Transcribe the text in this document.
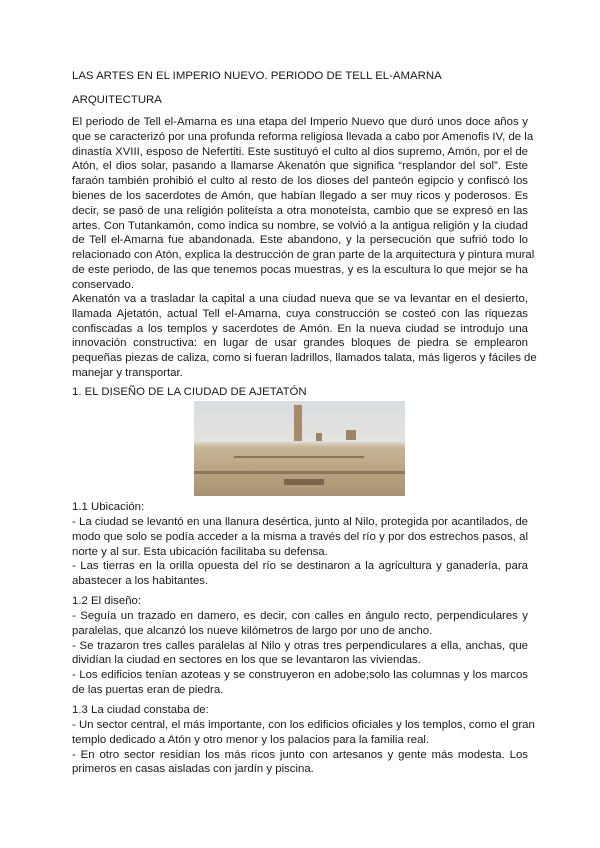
LAS ARTES EN EL IMPERIO NUEVO. PERIODO DE TELL EL-AMARNA
ARQUITECTURA
El periodo de Tell el-Amarna es una etapa del Imperio Nuevo que duró unos doce años y
que se caracterizó por una profunda reforma religiosa llevada a cabo por Amenofis IV, de la
dinastía XVIII, esposo de Nefertiti. Este sustituyó el culto al dios supremo, Amón, por el de
Atón, el dios solar, pasando a llamarse Akenatón que significa “resplandor del sol”. Este
faraón también prohibió el culto al resto de los dioses del panteón egipcio y confiscó los
bienes de los sacerdotes de Amón, que habían llegado a ser muy ricos y poderosos. Es
decir, se pasó de una religión politeísta a otra monoteísta, cambio que se expresó en las
artes. Con Tutankamón, como indica su nombre, se volvió a la antigua religión y la ciudad
de Tell el-Amarna fue abandonada. Este abandono, y la persecución que sufrió todo lo
relacionado con Atón, explica la destrucción de gran parte de la arquitectura y pintura mural
de este periodo, de las que tenemos pocas muestras, y es la escultura lo que mejor se ha
conservado.
Akenatón va a trasladar la capital a una ciudad nueva que se va levantar en el desierto,
llamada Ajetatón, actual Tell el-Amarna, cuya construcción se costeó con las riquezas
confiscadas a los templos y sacerdotes de Amón. En la nueva ciudad se introdujo una
innovación constructiva: en lugar de usar grandes bloques de piedra se emplearon
pequeñas piezas de caliza, como si fueran ladrillos, llamados talata, más ligeros y fáciles de
manejar y transportar.
1. EL DISEÑO DE LA CIUDAD DE AJETATÓN
1.1 Ubicación:
- La ciudad se levantó en una llanura desértica, junto al Nilo, protegida por acantilados, de
modo que solo se podía acceder a la misma a través del río y por dos estrechos pasos, al
norte y al sur. Esta ubicación facilitaba su defensa.
- Las tierras en la orilla opuesta del río se destinaron a la agricultura y ganadería, para
abastecer a los habitantes.
1.2 El diseño:
- Seguía un trazado en damero, es decir, con calles en ángulo recto, perpendiculares y
paralelas, que alcanzó los nueve kilómetros de largo por uno de ancho.
- Se trazaron tres calles paralelas al Nilo y otras tres perpendiculares a ella, anchas, que
dividían la ciudad en sectores en los que se levantaron las viviendas.
- Los edificios tenían azoteas y se construyeron en adobe;solo las columnas y los marcos
de las puertas eran de piedra.
1.3 La ciudad constaba de:
- Un sector central, el más importante, con los edificios oficiales y los templos, como el gran
templo dedicado a Atón y otro menor y los palacios para la familia real.
- En otro sector residían los más ricos junto con artesanos y gente más modesta. Los
primeros en casas aisladas con jardín y piscina.
